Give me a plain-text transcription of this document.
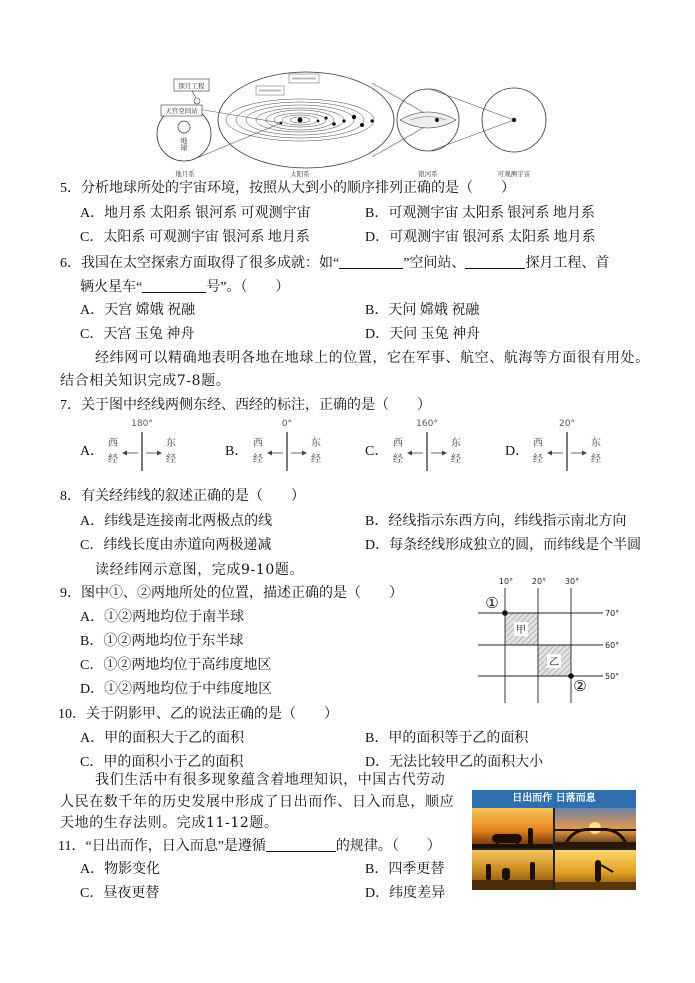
探月工程
天宫空间站
地球
地月系	太阳系	银河系	可观测宇宙
5．分析地球所处的宇宙环境，按照从大到小的顺序排列正确的是（　　）
A．地月系 太阳系 银河系 可观测宇宙	B．可观测宇宙 太阳系 银河系 地月系
C．太阳系 可观测宇宙 银河系 地月系	D．可观测宇宙 银河系 太阳系 地月系
6．我国在太空探索方面取得了很多成就：如“	”空间站、	探月工程、首
辆火星车“	号”。（　　）
A．天宫 嫦娥 祝融	B．天问 嫦娥 祝融
C．天宫 玉兔 神舟	D．天问 玉兔 神舟
经纬网可以精确地表明各地在地球上的位置，它在军事、航空、航海等方面很有用处。
结合相关知识完成7-8题。
7．关于图中经线两侧东经、西经的标注，正确的是（　　）
A．
180°
西经
东经
B．
0°
西经
东经
C．
160°
西经
东经
D．
20°
西经
东经
8．有关经纬线的叙述正确的是（　　）
A．纬线是连接南北两极点的线	B．经线指示东西方向，纬线指示南北方向
C．纬线长度由赤道向两极递减	D．每条经线形成独立的圆，而纬线是个半圆
读经纬网示意图，完成9-10题。
9．图中①、②两地所处的位置，描述正确的是（　　）
A．①②两地均位于南半球
B．①②两地均位于东半球
C．①②两地均位于高纬度地区
D．①②两地均位于中纬度地区
10° 20° 30°
70°
60°
50°
甲
乙
①
②
10．关于阴影甲、乙的说法正确的是（　　）
A．甲的面积大于乙的面积	B．甲的面积等于乙的面积
C．甲的面积小于乙的面积	D．无法比较甲乙的面积大小
我们生活中有很多现象蕴含着地理知识，中国古代劳动
人民在数千年的历史发展中形成了日出而作、日入而息，顺应
天地的生存法则。完成11-12题。
11．“日出而作，日入而息”是遵循	的规律。（　　）
A．物影变化	B．四季更替
C．昼夜更替	D．纬度差异
日出而作 日落而息
